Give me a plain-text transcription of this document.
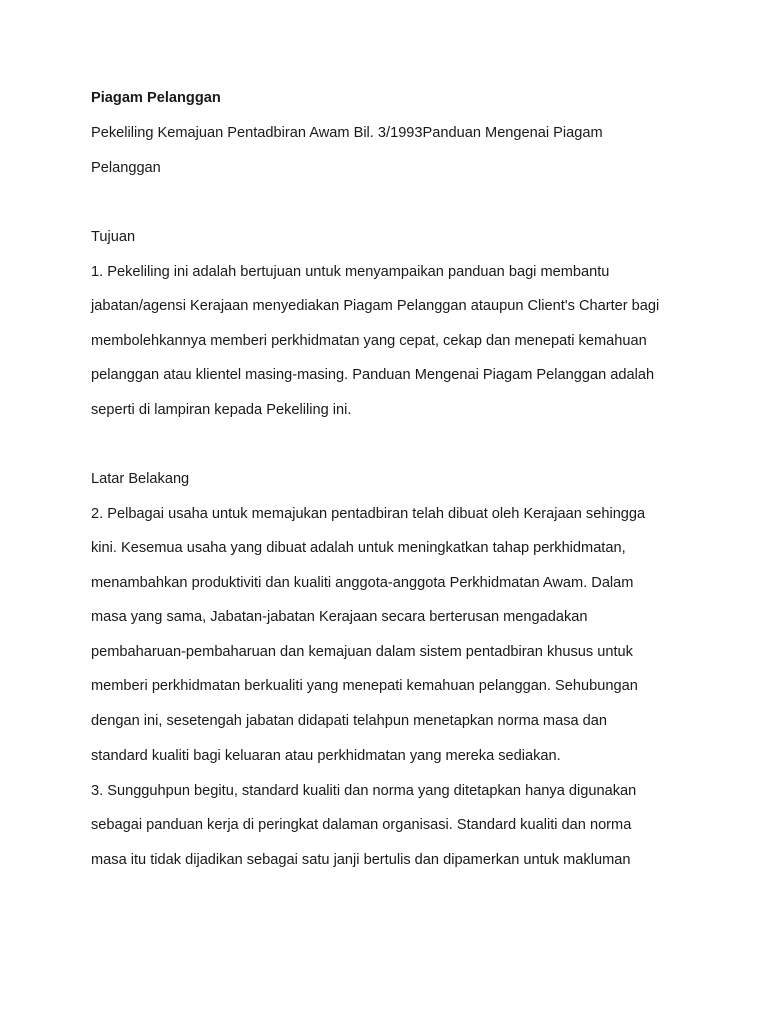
Piagam Pelanggan
Pekeliling Kemajuan Pentadbiran Awam Bil. 3/1993Panduan Mengenai Piagam
Pelanggan
Tujuan
1. Pekeliling ini adalah bertujuan untuk menyampaikan panduan bagi membantu
jabatan/agensi Kerajaan menyediakan Piagam Pelanggan ataupun Client's Charter bagi
membolehkannya memberi perkhidmatan yang cepat, cekap dan menepati kemahuan
pelanggan atau klientel masing-masing. Panduan Mengenai Piagam Pelanggan adalah
seperti di lampiran kepada Pekeliling ini.
Latar Belakang
2. Pelbagai usaha untuk memajukan pentadbiran telah dibuat oleh Kerajaan sehingga
kini. Kesemua usaha yang dibuat adalah untuk meningkatkan tahap perkhidmatan,
menambahkan produktiviti dan kualiti anggota-anggota Perkhidmatan Awam. Dalam
masa yang sama, Jabatan-jabatan Kerajaan secara berterusan mengadakan
pembaharuan-pembaharuan dan kemajuan dalam sistem pentadbiran khusus untuk
memberi perkhidmatan berkualiti yang menepati kemahuan pelanggan. Sehubungan
dengan ini, sesetengah jabatan didapati telahpun menetapkan norma masa dan
standard kualiti bagi keluaran atau perkhidmatan yang mereka sediakan.
3. Sungguhpun begitu, standard kualiti dan norma yang ditetapkan hanya digunakan
sebagai panduan kerja di peringkat dalaman organisasi. Standard kualiti dan norma
masa itu tidak dijadikan sebagai satu janji bertulis dan dipamerkan untuk makluman
